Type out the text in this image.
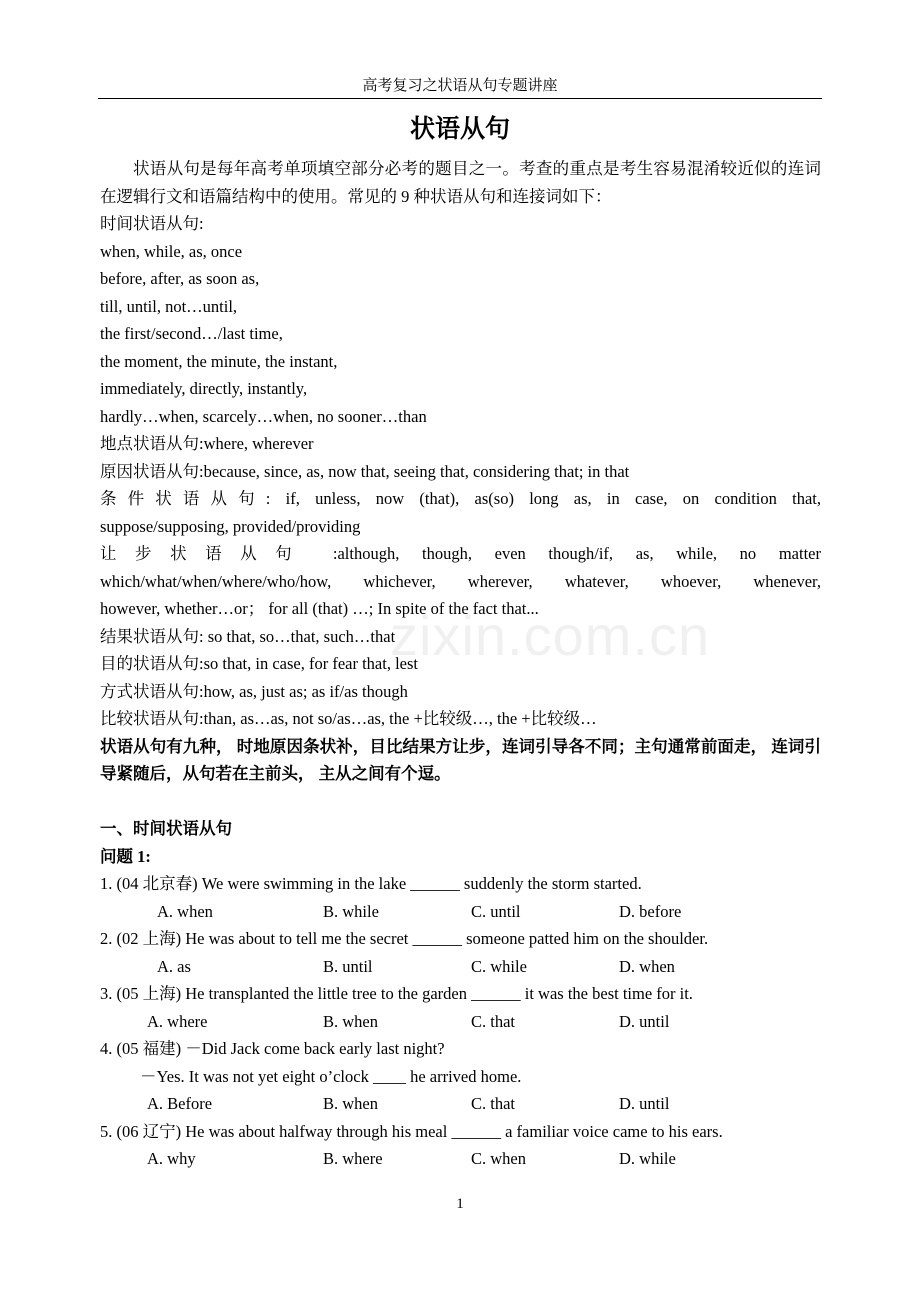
高考复习之状语从句专题讲座
状语从句
zixin.com.cn
状语从句是每年高考单项填空部分必考的题目之一。考查的重点是考生容易混淆较近似的连词在逻辑行文和语篇结构中的使用。常见的 9 种状语从句和连接词如下：
时间状语从句:
when, while, as, once
before, after, as soon as,
till, until, not…until,
the first/second…/last time,
the moment, the minute, the instant,
immediately, directly, instantly,
hardly…when, scarcely…when, no sooner…than
地点状语从句:where, wherever
原因状语从句:because, since, as, now that, seeing that, considering that; in that
条件状语从句: if, unless, now (that), as(so) long as, in case, on condition that,
suppose/supposing, provided/providing
让步状语从句 :although, though, even though/if, as, while, no matter
which/what/when/where/who/how, whichever, wherever, whatever, whoever, whenever,
however, whether…or； for all (that) …; In spite of the fact that...
结果状语从句: so that, so…that, such…that
目的状语从句:so that, in case, for fear that, lest
方式状语从句:how, as, just as; as if/as though
比较状语从句:than, as…as, not so/as…as, the +比较级…, the +比较级…
状语从句有九种， 时地原因条状补，目比结果方让步，连词引导各不同；主句通常前面走， 连词引导紧随后，从句若在主前头， 主从之间有个逗。
一、时间状语从句
问题 1:
1. (04 北京春) We were swimming in the lake ______ suddenly the storm started.
A. when	B. while	C. until	D. before
2. (02 上海) He was about to tell me the secret ______ someone patted him on the shoulder.
A. as	B. until	C. while	D. when
3. (05 上海) He transplanted the little tree to the garden ______ it was the best time for it.
A. where	B. when	C. that	D. until
4. (05 福建) －Did Jack come back early last night?
－Yes. It was not yet eight o’clock ____ he arrived home.
A. Before	B. when	C. that	D. until
5. (06 辽宁) He was about halfway through his meal ______ a familiar voice came to his ears.
A. why	B. where	C. when	D. while
1
